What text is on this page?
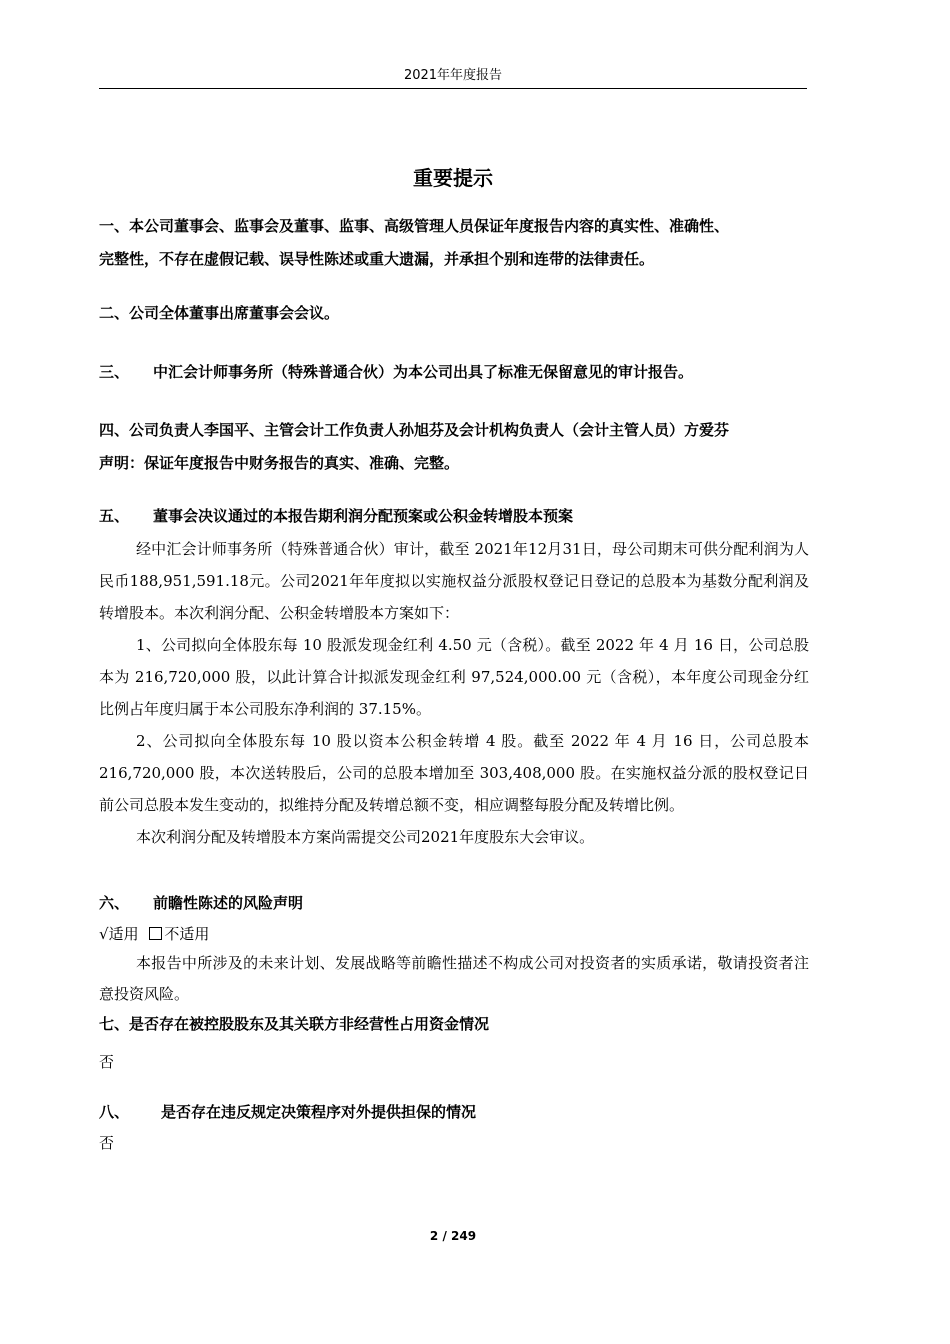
2021年年度报告
重要提示
一、本公司董事会、监事会及董事、监事、高级管理人员保证年度报告内容的真实性、准确性、
完整性，不存在虚假记载、误导性陈述或重大遗漏，并承担个别和连带的法律责任。
二、公司全体董事出席董事会会议。
三、 中汇会计师事务所（特殊普通合伙）为本公司出具了标准无保留意见的审计报告。
四、公司负责人李国平、主管会计工作负责人孙旭芬及会计机构负责人（会计主管人员）方爱芬
声明：保证年度报告中财务报告的真实、准确、完整。
五、 董事会决议通过的本报告期利润分配预案或公积金转增股本预案
经中汇会计师事务所（特殊普通合伙）审计，截至 2021年12月31日，母公司期末可供分配利润为人民币188,951,591.18元。公司2021年年度拟以实施权益分派股权登记日登记的总股本为基数分配利润及转增股本。本次利润分配、公积金转增股本方案如下：
1、公司拟向全体股东每 10 股派发现金红利 4.50 元（含税）。截至 2022 年 4 月 16 日，公司总股本为 216,720,000 股，以此计算合计拟派发现金红利 97,524,000.00 元（含税），本年度公司现金分红比例占年度归属于本公司股东净利润的 37.15%。
2、公司拟向全体股东每 10 股以资本公积金转增 4 股。截至 2022 年 4 月 16 日，公司总股本 216,720,000 股，本次送转股后，公司的总股本增加至 303,408,000 股。在实施权益分派的股权登记日前公司总股本发生变动的，拟维持分配及转增总额不变，相应调整每股分配及转增比例。
本次利润分配及转增股本方案尚需提交公司2021年度股东大会审议。
六、 前瞻性陈述的风险声明
√适用 不适用
本报告中所涉及的未来计划、发展战略等前瞻性描述不构成公司对投资者的实质承诺，敬请投资者注意投资风险。
七、是否存在被控股股东及其关联方非经营性占用资金情况
否
八、 是否存在违反规定决策程序对外提供担保的情况
否
2 / 249
